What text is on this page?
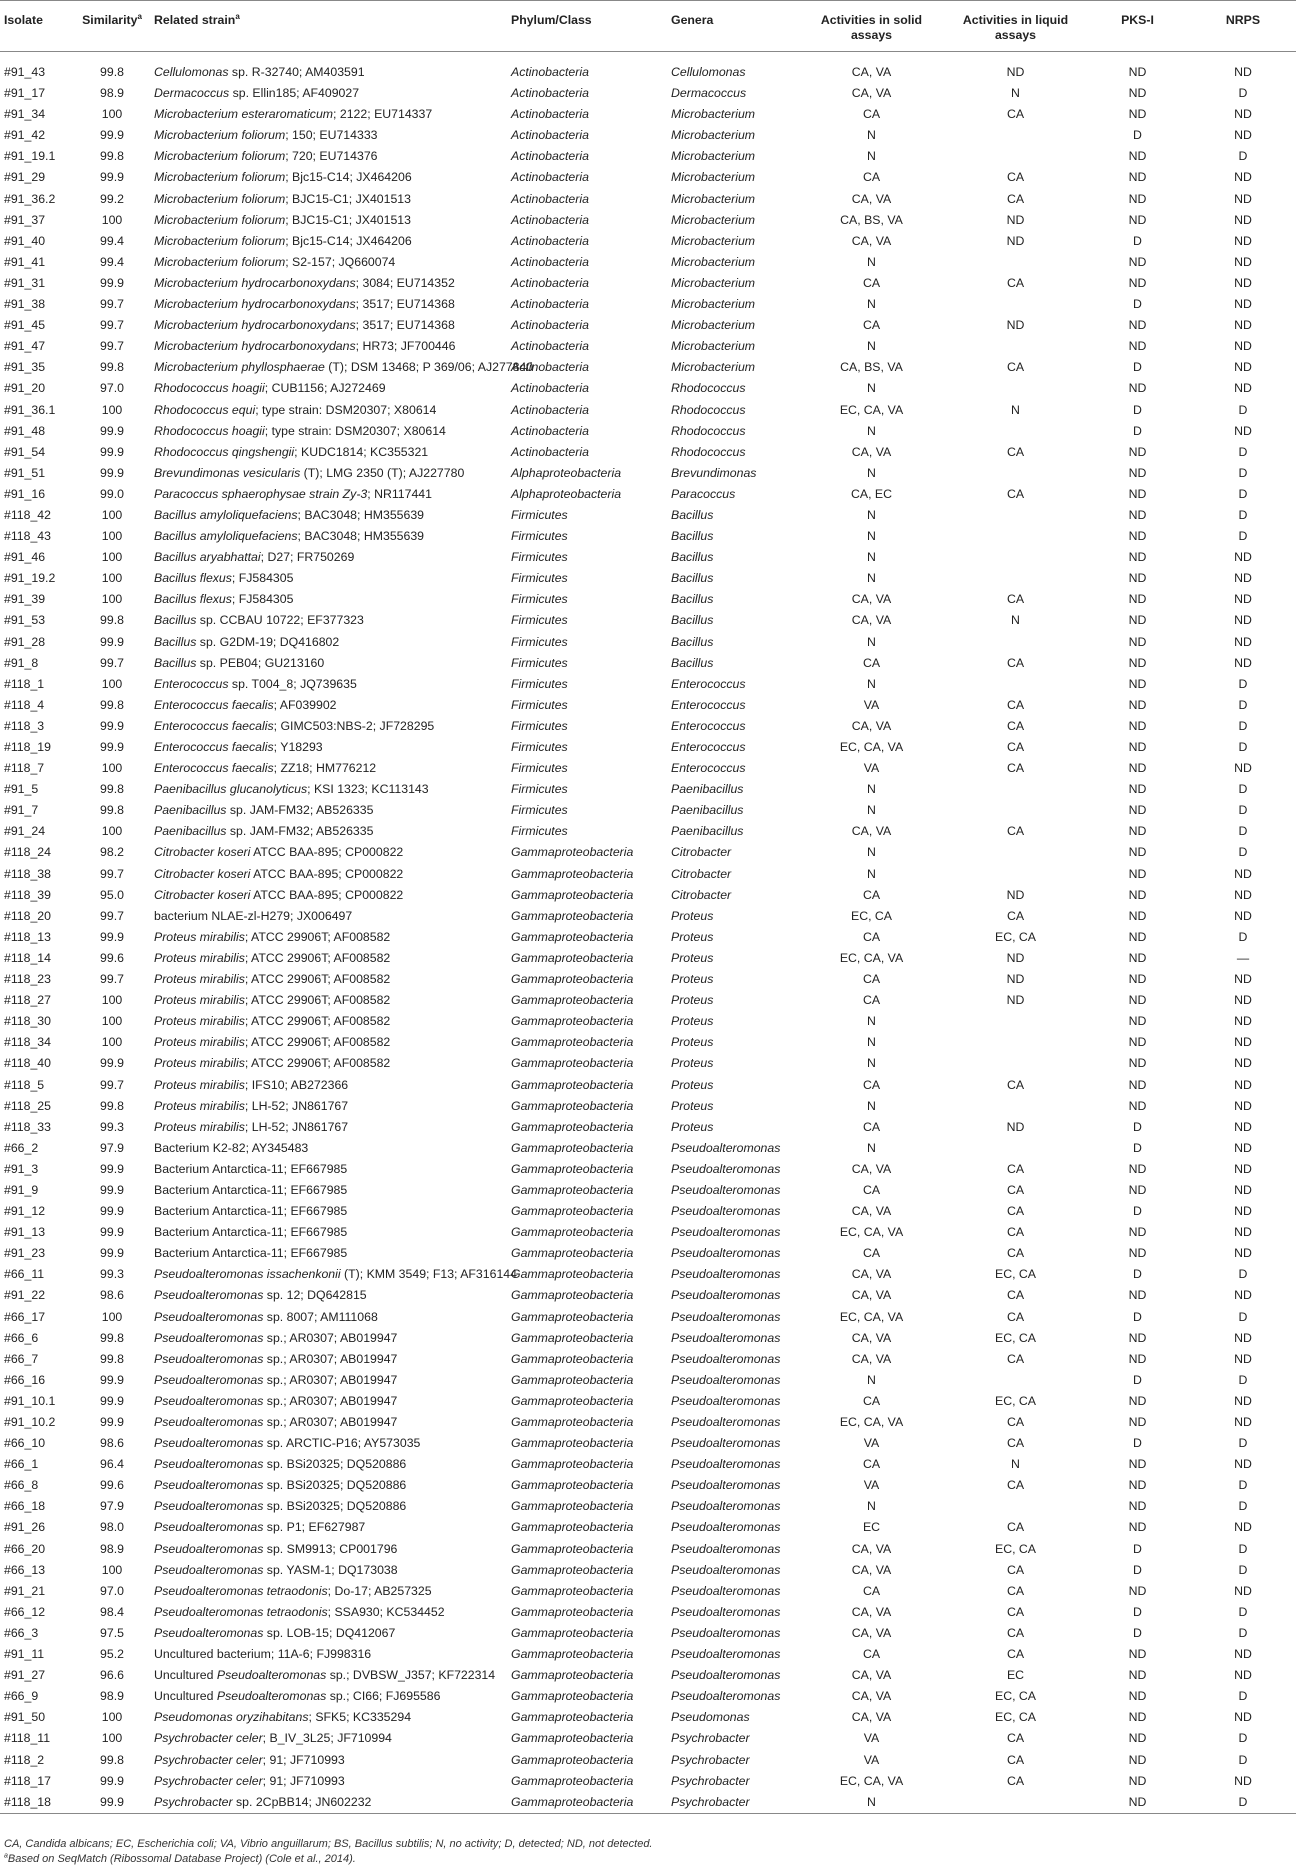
Isolate	Similarity$^a$	Related strain$^a$	Phylum/Class	Genera	Activities in solid assays	Activities in liquid assays	PKS-I	NRPS
#91_43	99.8	Cellulomonas sp. R-32740; AM403591	Actinobacteria	Cellulomonas	CA, VA	ND	ND	ND
#91_17	98.9	Dermacoccus sp. Ellin185; AF409027	Actinobacteria	Dermacoccus	CA, VA	N	ND	D
#91_34	100	Microbacterium esteraromaticum; 2122; EU714337	Actinobacteria	Microbacterium	CA	CA	ND	ND
#91_42	99.9	Microbacterium foliorum; 150; EU714333	Actinobacteria	Microbacterium	N		D	ND
#91_19.1	99.8	Microbacterium foliorum; 720; EU714376	Actinobacteria	Microbacterium	N		ND	D
#91_29	99.9	Microbacterium foliorum; Bjc15-C14; JX464206	Actinobacteria	Microbacterium	CA	CA	ND	ND
#91_36.2	99.2	Microbacterium foliorum; BJC15-C1; JX401513	Actinobacteria	Microbacterium	CA, VA	CA	ND	ND
#91_37	100	Microbacterium foliorum; BJC15-C1; JX401513	Actinobacteria	Microbacterium	CA, BS, VA	ND	ND	ND
#91_40	99.4	Microbacterium foliorum; Bjc15-C14; JX464206	Actinobacteria	Microbacterium	CA, VA	ND	D	ND
#91_41	99.4	Microbacterium foliorum; S2-157; JQ660074	Actinobacteria	Microbacterium	N		ND	ND
#91_31	99.9	Microbacterium hydrocarbonoxydans; 3084; EU714352	Actinobacteria	Microbacterium	CA	CA	ND	ND
#91_38	99.7	Microbacterium hydrocarbonoxydans; 3517; EU714368	Actinobacteria	Microbacterium	N		D	ND
#91_45	99.7	Microbacterium hydrocarbonoxydans; 3517; EU714368	Actinobacteria	Microbacterium	CA	ND	ND	ND
#91_47	99.7	Microbacterium hydrocarbonoxydans; HR73; JF700446	Actinobacteria	Microbacterium	N		ND	ND
#91_35	99.8	Microbacterium phyllosphaerae (T); DSM 13468; P 369/06; AJ277840	Actinobacteria	Microbacterium	CA, BS, VA	CA	D	ND
#91_20	97.0	Rhodococcus hoagii; CUB1156; AJ272469	Actinobacteria	Rhodococcus	N		ND	ND
#91_36.1	100	Rhodococcus equi; type strain: DSM20307; X80614	Actinobacteria	Rhodococcus	EC, CA, VA	N	D	D
#91_48	99.9	Rhodococcus hoagii; type strain: DSM20307; X80614	Actinobacteria	Rhodococcus	N		D	ND
#91_54	99.9	Rhodococcus qingshengii; KUDC1814; KC355321	Actinobacteria	Rhodococcus	CA, VA	CA	ND	D
#91_51	99.9	Brevundimonas vesicularis (T); LMG 2350 (T); AJ227780	Alphaproteobacteria	Brevundimonas	N		ND	D
#91_16	99.0	Paracoccus sphaerophysae strain Zy-3; NR117441	Alphaproteobacteria	Paracoccus	CA, EC	CA	ND	D
#118_42	100	Bacillus amyloliquefaciens; BAC3048; HM355639	Firmicutes	Bacillus	N		ND	D
#118_43	100	Bacillus amyloliquefaciens; BAC3048; HM355639	Firmicutes	Bacillus	N		ND	D
#91_46	100	Bacillus aryabhattai; D27; FR750269	Firmicutes	Bacillus	N		ND	ND
#91_19.2	100	Bacillus flexus; FJ584305	Firmicutes	Bacillus	N		ND	ND
#91_39	100	Bacillus flexus; FJ584305	Firmicutes	Bacillus	CA, VA	CA	ND	ND
#91_53	99.8	Bacillus sp. CCBAU 10722; EF377323	Firmicutes	Bacillus	CA, VA	N	ND	ND
#91_28	99.9	Bacillus sp. G2DM-19; DQ416802	Firmicutes	Bacillus	N		ND	ND
#91_8	99.7	Bacillus sp. PEB04; GU213160	Firmicutes	Bacillus	CA	CA	ND	ND
#118_1	100	Enterococcus sp. T004_8; JQ739635	Firmicutes	Enterococcus	N		ND	D
#118_4	99.8	Enterococcus faecalis; AF039902	Firmicutes	Enterococcus	VA	CA	ND	D
#118_3	99.9	Enterococcus faecalis; GIMC503:NBS-2; JF728295	Firmicutes	Enterococcus	CA, VA	CA	ND	D
#118_19	99.9	Enterococcus faecalis; Y18293	Firmicutes	Enterococcus	EC, CA, VA	CA	ND	D
#118_7	100	Enterococcus faecalis; ZZ18; HM776212	Firmicutes	Enterococcus	VA	CA	ND	ND
#91_5	99.8	Paenibacillus glucanolyticus; KSI 1323; KC113143	Firmicutes	Paenibacillus	N		ND	D
#91_7	99.8	Paenibacillus sp. JAM-FM32; AB526335	Firmicutes	Paenibacillus	N		ND	D
#91_24	100	Paenibacillus sp. JAM-FM32; AB526335	Firmicutes	Paenibacillus	CA, VA	CA	ND	D
#118_24	98.2	Citrobacter koseri ATCC BAA-895; CP000822	Gammaproteobacteria	Citrobacter	N		ND	D
#118_38	99.7	Citrobacter koseri ATCC BAA-895; CP000822	Gammaproteobacteria	Citrobacter	N		ND	ND
#118_39	95.0	Citrobacter koseri ATCC BAA-895; CP000822	Gammaproteobacteria	Citrobacter	CA	ND	ND	ND
#118_20	99.7	bacterium NLAE-zl-H279; JX006497	Gammaproteobacteria	Proteus	EC, CA	CA	ND	ND
#118_13	99.9	Proteus mirabilis; ATCC 29906T; AF008582	Gammaproteobacteria	Proteus	CA	EC, CA	ND	D
#118_14	99.6	Proteus mirabilis; ATCC 29906T; AF008582	Gammaproteobacteria	Proteus	EC, CA, VA	ND	ND	—
#118_23	99.7	Proteus mirabilis; ATCC 29906T; AF008582	Gammaproteobacteria	Proteus	CA	ND	ND	ND
#118_27	100	Proteus mirabilis; ATCC 29906T; AF008582	Gammaproteobacteria	Proteus	CA	ND	ND	ND
#118_30	100	Proteus mirabilis; ATCC 29906T; AF008582	Gammaproteobacteria	Proteus	N		ND	ND
#118_34	100	Proteus mirabilis; ATCC 29906T; AF008582	Gammaproteobacteria	Proteus	N		ND	ND
#118_40	99.9	Proteus mirabilis; ATCC 29906T; AF008582	Gammaproteobacteria	Proteus	N		ND	ND
#118_5	99.7	Proteus mirabilis; IFS10; AB272366	Gammaproteobacteria	Proteus	CA	CA	ND	ND
#118_25	99.8	Proteus mirabilis; LH-52; JN861767	Gammaproteobacteria	Proteus	N		ND	ND
#118_33	99.3	Proteus mirabilis; LH-52; JN861767	Gammaproteobacteria	Proteus	CA	ND	D	ND
#66_2	97.9	Bacterium K2-82; AY345483	Gammaproteobacteria	Pseudoalteromonas	N		D	ND
#91_3	99.9	Bacterium Antarctica-11; EF667985	Gammaproteobacteria	Pseudoalteromonas	CA, VA	CA	ND	ND
#91_9	99.9	Bacterium Antarctica-11; EF667985	Gammaproteobacteria	Pseudoalteromonas	CA	CA	ND	ND
#91_12	99.9	Bacterium Antarctica-11; EF667985	Gammaproteobacteria	Pseudoalteromonas	CA, VA	CA	D	ND
#91_13	99.9	Bacterium Antarctica-11; EF667985	Gammaproteobacteria	Pseudoalteromonas	EC, CA, VA	CA	ND	ND
#91_23	99.9	Bacterium Antarctica-11; EF667985	Gammaproteobacteria	Pseudoalteromonas	CA	CA	ND	ND
#66_11	99.3	Pseudoalteromonas issachenkonii (T); KMM 3549; F13; AF316144	Gammaproteobacteria	Pseudoalteromonas	CA, VA	EC, CA	D	D
#91_22	98.6	Pseudoalteromonas sp. 12; DQ642815	Gammaproteobacteria	Pseudoalteromonas	CA, VA	CA	ND	ND
#66_17	100	Pseudoalteromonas sp. 8007; AM111068	Gammaproteobacteria	Pseudoalteromonas	EC, CA, VA	CA	D	D
#66_6	99.8	Pseudoalteromonas sp.; AR0307; AB019947	Gammaproteobacteria	Pseudoalteromonas	CA, VA	EC, CA	ND	ND
#66_7	99.8	Pseudoalteromonas sp.; AR0307; AB019947	Gammaproteobacteria	Pseudoalteromonas	CA, VA	CA	ND	ND
#66_16	99.9	Pseudoalteromonas sp.; AR0307; AB019947	Gammaproteobacteria	Pseudoalteromonas	N		D	D
#91_10.1	99.9	Pseudoalteromonas sp.; AR0307; AB019947	Gammaproteobacteria	Pseudoalteromonas	CA	EC, CA	ND	ND
#91_10.2	99.9	Pseudoalteromonas sp.; AR0307; AB019947	Gammaproteobacteria	Pseudoalteromonas	EC, CA, VA	CA	ND	ND
#66_10	98.6	Pseudoalteromonas sp. ARCTIC-P16; AY573035	Gammaproteobacteria	Pseudoalteromonas	VA	CA	D	D
#66_1	96.4	Pseudoalteromonas sp. BSi20325; DQ520886	Gammaproteobacteria	Pseudoalteromonas	CA	N	ND	ND
#66_8	99.6	Pseudoalteromonas sp. BSi20325; DQ520886	Gammaproteobacteria	Pseudoalteromonas	VA	CA	ND	D
#66_18	97.9	Pseudoalteromonas sp. BSi20325; DQ520886	Gammaproteobacteria	Pseudoalteromonas	N		ND	D
#91_26	98.0	Pseudoalteromonas sp. P1; EF627987	Gammaproteobacteria	Pseudoalteromonas	EC	CA	ND	ND
#66_20	98.9	Pseudoalteromonas sp. SM9913; CP001796	Gammaproteobacteria	Pseudoalteromonas	CA, VA	EC, CA	D	D
#66_13	100	Pseudoalteromonas sp. YASM-1; DQ173038	Gammaproteobacteria	Pseudoalteromonas	CA, VA	CA	D	D
#91_21	97.0	Pseudoalteromonas tetraodonis; Do-17; AB257325	Gammaproteobacteria	Pseudoalteromonas	CA	CA	ND	ND
#66_12	98.4	Pseudoalteromonas tetraodonis; SSA930; KC534452	Gammaproteobacteria	Pseudoalteromonas	CA, VA	CA	D	D
#66_3	97.5	Pseudoalteromonas sp. LOB-15; DQ412067	Gammaproteobacteria	Pseudoalteromonas	CA, VA	CA	D	D
#91_11	95.2	Uncultured bacterium; 11A-6; FJ998316	Gammaproteobacteria	Pseudoalteromonas	CA	CA	ND	ND
#91_27	96.6	Uncultured Pseudoalteromonas sp.; DVBSW_J357; KF722314	Gammaproteobacteria	Pseudoalteromonas	CA, VA	EC	ND	ND
#66_9	98.9	Uncultured Pseudoalteromonas sp.; CI66; FJ695586	Gammaproteobacteria	Pseudoalteromonas	CA, VA	EC, CA	ND	D
#91_50	100	Pseudomonas oryzihabitans; SFK5; KC335294	Gammaproteobacteria	Pseudomonas	CA, VA	EC, CA	ND	ND
#118_11	100	Psychrobacter celer; B_IV_3L25; JF710994	Gammaproteobacteria	Psychrobacter	VA	CA	ND	D
#118_2	99.8	Psychrobacter celer; 91; JF710993	Gammaproteobacteria	Psychrobacter	VA	CA	ND	D
#118_17	99.9	Psychrobacter celer; 91; JF710993	Gammaproteobacteria	Psychrobacter	EC, CA, VA	CA	ND	ND
#118_18	99.9	Psychrobacter sp. 2CpBB14; JN602232	Gammaproteobacteria	Psychrobacter	N		ND	D
CA, Candida albicans; EC, Escherichia coli; VA, Vibrio anguillarum; BS, Bacillus subtilis; N, no activity; D, detected; ND, not detected.
$^a$Based on SeqMatch (Ribossomal Database Project) (Cole et al., 2014).
